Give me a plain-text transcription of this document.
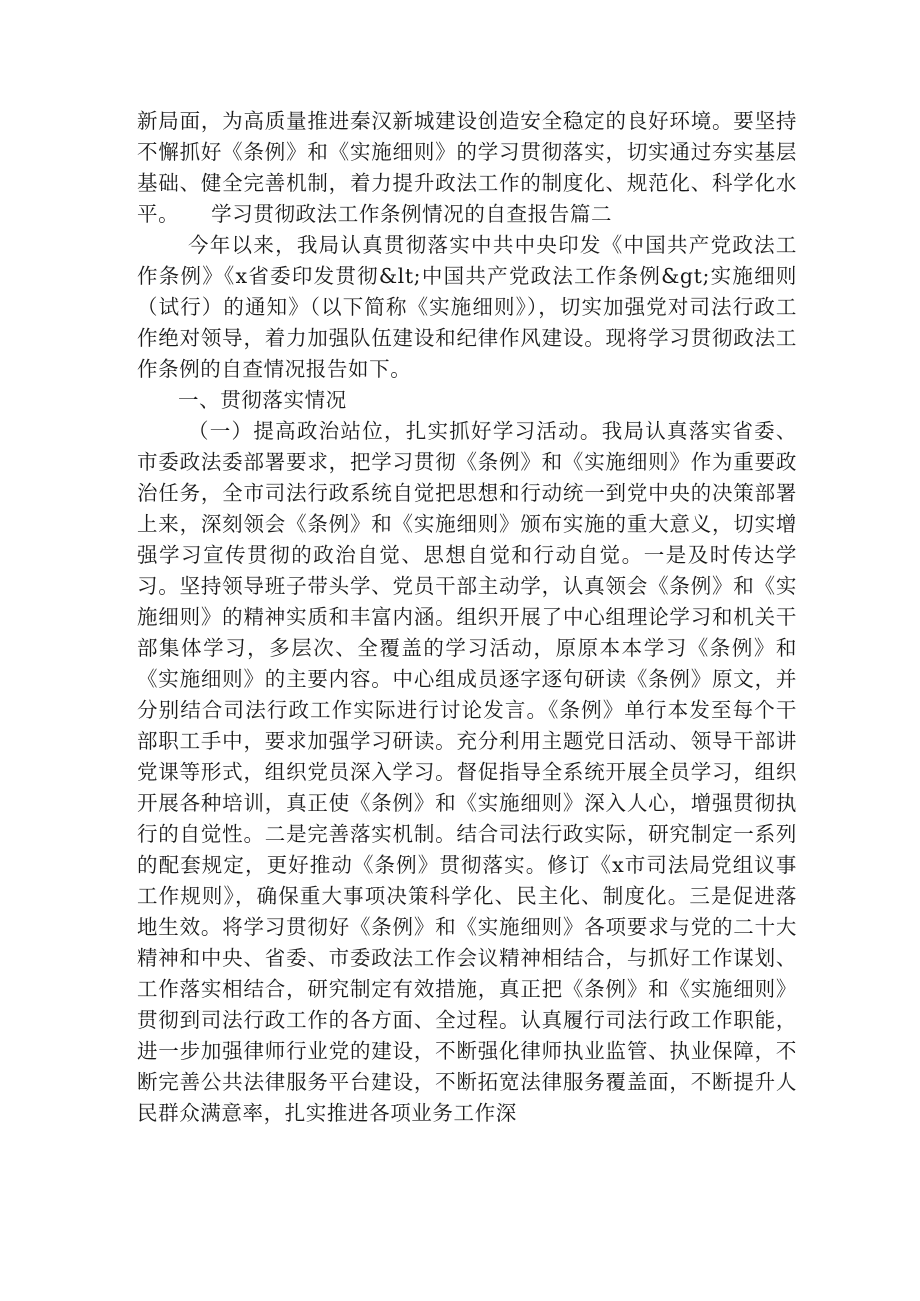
新局面，为高质量推进秦汉新城建设创造安全稳定的良好环境。要坚持不懈抓好《条例》和《实施细则》的学习贯彻落实，切实通过夯实基层基础、健全完善机制，着力提升政法工作的制度化、规范化、科学化水平。　　学习贯彻政法工作条例情况的自查报告篇二

今年以来，我局认真贯彻落实中共中央印发《中国共产党政法工作条例》《x省委印发贯彻&lt;中国共产党政法工作条例&gt;实施细则（试行）的通知》（以下简称《实施细则》），切实加强党对司法行政工作绝对领导，着力加强队伍建设和纪律作风建设。现将学习贯彻政法工作条例的自查情况报告如下。

一、贯彻落实情况

（一）提高政治站位，扎实抓好学习活动。我局认真落实省委、市委政法委部署要求，把学习贯彻《条例》和《实施细则》作为重要政治任务，全市司法行政系统自觉把思想和行动统一到党中央的决策部署上来，深刻领会《条例》和《实施细则》颁布实施的重大意义，切实增强学习宣传贯彻的政治自觉、思想自觉和行动自觉。一是及时传达学习。坚持领导班子带头学、党员干部主动学，认真领会《条例》和《实施细则》的精神实质和丰富内涵。组织开展了中心组理论学习和机关干部集体学习，多层次、全覆盖的学习活动，原原本本学习《条例》和《实施细则》的主要内容。中心组成员逐字逐句研读《条例》原文，并分别结合司法行政工作实际进行讨论发言。《条例》单行本发至每个干部职工手中，要求加强学习研读。充分利用主题党日活动、领导干部讲党课等形式，组织党员深入学习。督促指导全系统开展全员学习，组织开展各种培训，真正使《条例》和《实施细则》深入人心，增强贯彻执行的自觉性。二是完善落实机制。结合司法行政实际，研究制定一系列的配套规定，更好推动《条例》贯彻落实。修订《x市司法局党组议事工作规则》，确保重大事项决策科学化、民主化、制度化。三是促进落地生效。将学习贯彻好《条例》和《实施细则》各项要求与党的二十大精神和中央、省委、市委政法工作会议精神相结合，与抓好工作谋划、工作落实相结合，研究制定有效措施，真正把《条例》和《实施细则》贯彻到司法行政工作的各方面、全过程。认真履行司法行政工作职能，进一步加强律师行业党的建设，不断强化律师执业监管、执业保障，不断完善公共法律服务平台建设，不断拓宽法律服务覆盖面，不断提升人民群众满意率，扎实推进各项业务工作深
